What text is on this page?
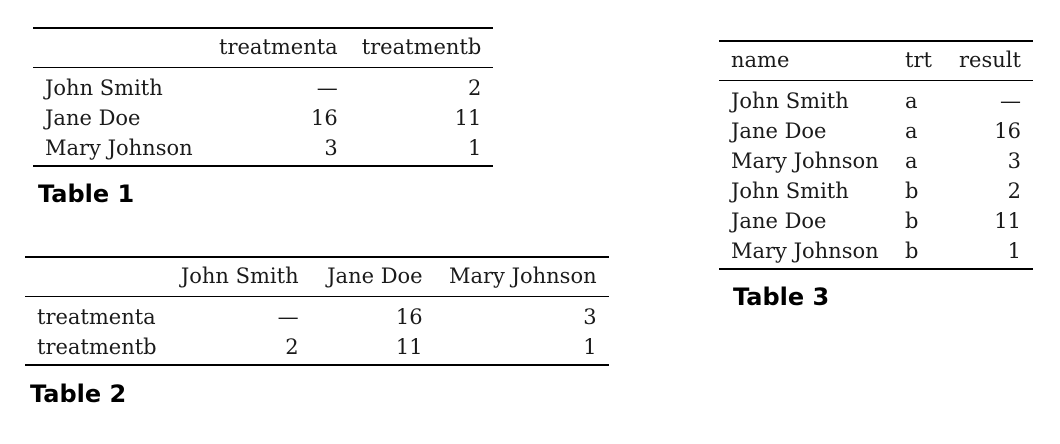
	treatmenta	treatmentb
John Smith	—	2
Jane Doe	16	11
Mary Johnson	3	1
Table 1
	John Smith	Jane Doe	Mary Johnson
treatmenta	—	16	3
treatmentb	2	11	1
Table 2
name	trt	result
John Smith	a	—
Jane Doe	a	16
Mary Johnson	a	3
John Smith	b	2
Jane Doe	b	11
Mary Johnson	b	1
Table 3
